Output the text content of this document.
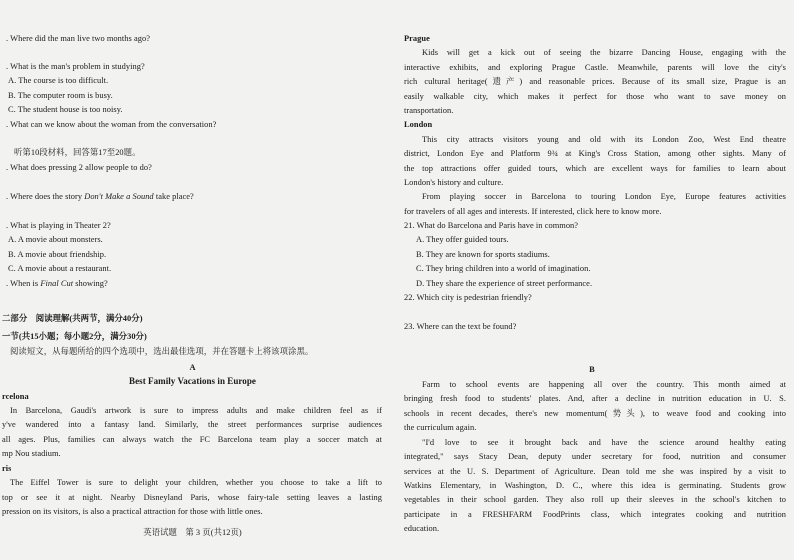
. Where did the man live two months ago?
. What is the man's problem in studying?
A. The course is too difficult.
B. The computer room is busy.
C. The student house is too noisy.
. What can we know about the woman from the conversation?
听第10段材料，回答第17至20题。
. What does pressing 2 allow people to do?
. Where does the story Don't Make a Sound take place?
. What is playing in Theater 2?
A. A movie about monsters.
B. A movie about friendship.
C. A movie about a restaurant.
. When is Final Cut showing?
二部分　阅读理解(共两节，满分40分)
一节(共15小题；每小题2分，满分30分)
阅读短文，从每题所给的四个选项中，选出最佳选项，并在答题卡上将该项涂黑。
A
Best Family Vacations in Europe
rcelona
In Barcelona, Gaudi's artwork is sure to impress adults and make children feel as if
y've wandered into a fantasy land. Similarly, the street performances surprise audiences
all ages. Plus, families can always watch the FC Barcelona team play a soccer match at
mp Nou stadium.
ris
The Eiffel Tower is sure to delight your children, whether you choose to take a lift to
top or see it at night. Nearby Disneyland Paris, whose fairy-tale setting leaves a lasting
pression on its visitors, is also a practical attraction for those with little ones.
英语试题　第 3 页(共12页)
Prague
Kids will get a kick out of seeing the bizarre Dancing House, engaging with the
interactive exhibits, and exploring Prague Castle. Meanwhile, parents will love the city's
rich cultural heritage(遗产) and reasonable prices. Because of its small size, Prague is an
easily walkable city, which makes it perfect for those who want to save money on
transportation.
London
This city attracts visitors young and old with its London Zoo, West End theatre
district, London Eye and Platform 9¾ at King's Cross Station, among other sights. Many of
the top attractions offer guided tours, which are excellent ways for families to learn about
London's history and culture.
From playing soccer in Barcelona to touring London Eye, Europe features activities
for travelers of all ages and interests. If interested, click here to know more.
21. What do Barcelona and Paris have in common?
A. They offer guided tours.
B. They are known for sports stadiums.
C. They bring children into a world of imagination.
D. They share the experience of street performance.
22. Which city is pedestrian friendly?
23. Where can the text be found?
B
Farm to school events are happening all over the country. This month aimed at
bringing fresh food to students' plates. And, after a decline in nutrition education in U. S.
schools in recent decades, there's new momentum(势头), to weave food and cooking into
the curriculum again.
"I'd love to see it brought back and have the science around healthy eating
integrated," says Stacy Dean, deputy under secretary for food, nutrition and consumer
services at the U. S. Department of Agriculture. Dean told me she was inspired by a visit to
Watkins Elementary, in Washington, D. C., where this idea is germinating. Students grow
vegetables in their school garden. They also roll up their sleeves in the school's kitchen to
participate in a FRESHFARM FoodPrints class, which integrates cooking and nutrition
education.
